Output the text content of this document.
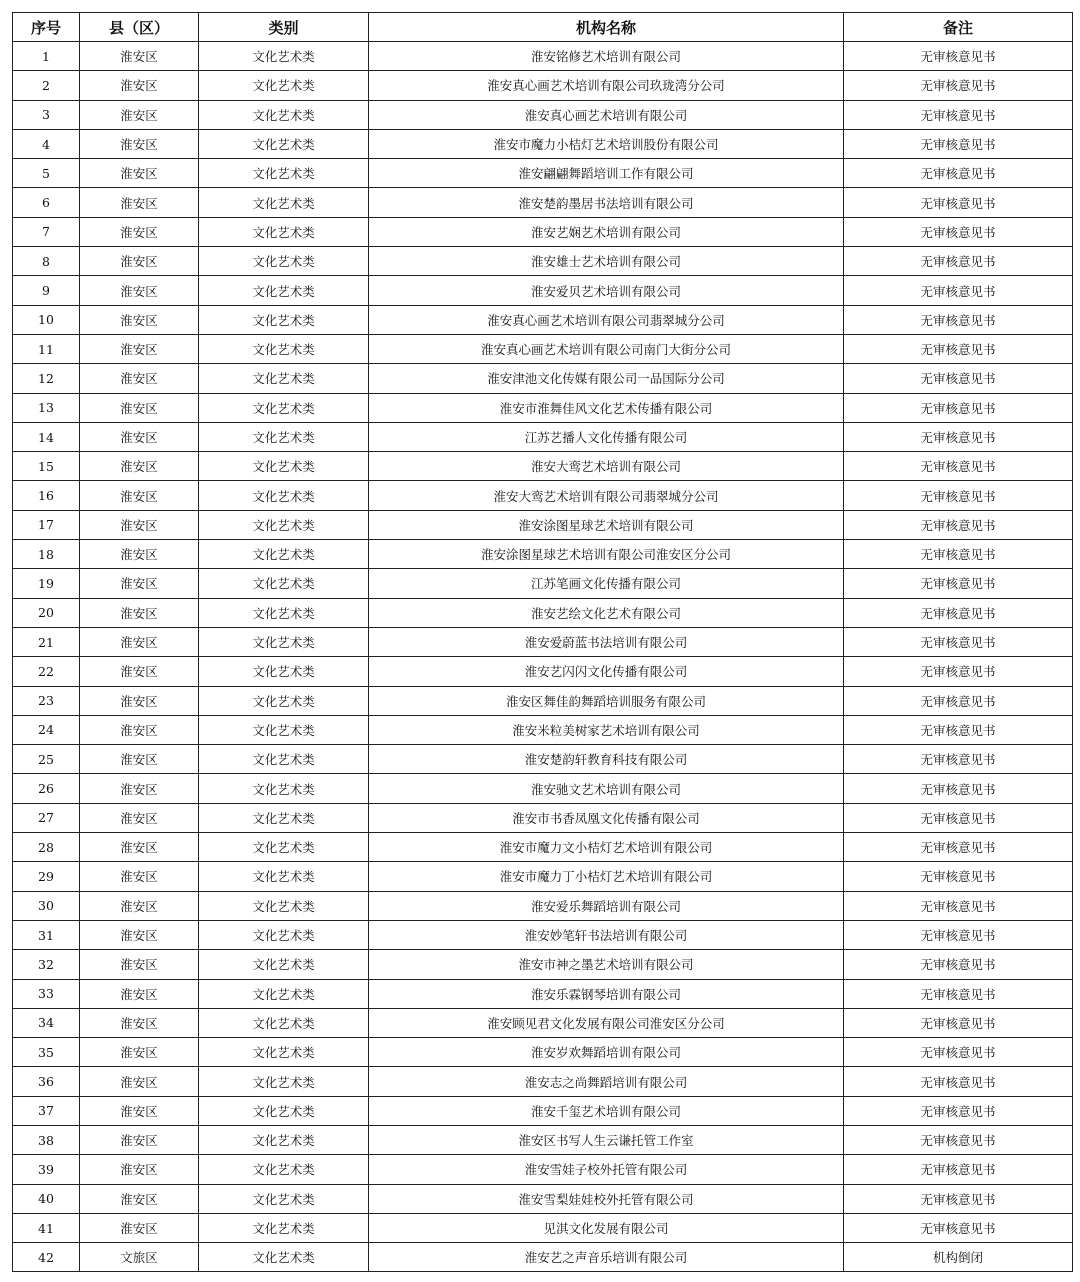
序号	县（区）	类别	机构名称	备注
1	淮安区	文化艺术类	淮安铭修艺术培训有限公司	无审核意见书
2	淮安区	文化艺术类	淮安真心画艺术培训有限公司玖珑湾分公司	无审核意见书
3	淮安区	文化艺术类	淮安真心画艺术培训有限公司	无审核意见书
4	淮安区	文化艺术类	淮安市魔力小桔灯艺术培训股份有限公司	无审核意见书
5	淮安区	文化艺术类	淮安翩翩舞蹈培训工作有限公司	无审核意见书
6	淮安区	文化艺术类	淮安楚韵墨居书法培训有限公司	无审核意见书
7	淮安区	文化艺术类	淮安艺娴艺术培训有限公司	无审核意见书
8	淮安区	文化艺术类	淮安雄士艺术培训有限公司	无审核意见书
9	淮安区	文化艺术类	淮安爱贝艺术培训有限公司	无审核意见书
10	淮安区	文化艺术类	淮安真心画艺术培训有限公司翡翠城分公司	无审核意见书
11	淮安区	文化艺术类	淮安真心画艺术培训有限公司南门大街分公司	无审核意见书
12	淮安区	文化艺术类	淮安津池文化传媒有限公司一品国际分公司	无审核意见书
13	淮安区	文化艺术类	淮安市淮舞佳风文化艺术传播有限公司	无审核意见书
14	淮安区	文化艺术类	江苏艺播人文化传播有限公司	无审核意见书
15	淮安区	文化艺术类	淮安大鸾艺术培训有限公司	无审核意见书
16	淮安区	文化艺术类	淮安大鸾艺术培训有限公司翡翠城分公司	无审核意见书
17	淮安区	文化艺术类	淮安涂图星球艺术培训有限公司	无审核意见书
18	淮安区	文化艺术类	淮安涂图星球艺术培训有限公司淮安区分公司	无审核意见书
19	淮安区	文化艺术类	江苏笔画文化传播有限公司	无审核意见书
20	淮安区	文化艺术类	淮安艺绘文化艺术有限公司	无审核意见书
21	淮安区	文化艺术类	淮安爱蔚蓝书法培训有限公司	无审核意见书
22	淮安区	文化艺术类	淮安艺闪闪文化传播有限公司	无审核意见书
23	淮安区	文化艺术类	淮安区舞佳韵舞蹈培训服务有限公司	无审核意见书
24	淮安区	文化艺术类	淮安米粒美树家艺术培训有限公司	无审核意见书
25	淮安区	文化艺术类	淮安楚韵轩教育科技有限公司	无审核意见书
26	淮安区	文化艺术类	淮安驰文艺术培训有限公司	无审核意见书
27	淮安区	文化艺术类	淮安市书香凤凰文化传播有限公司	无审核意见书
28	淮安区	文化艺术类	淮安市魔力文小桔灯艺术培训有限公司	无审核意见书
29	淮安区	文化艺术类	淮安市魔力丁小桔灯艺术培训有限公司	无审核意见书
30	淮安区	文化艺术类	淮安爱乐舞蹈培训有限公司	无审核意见书
31	淮安区	文化艺术类	淮安妙笔轩书法培训有限公司	无审核意见书
32	淮安区	文化艺术类	淮安市神之墨艺术培训有限公司	无审核意见书
33	淮安区	文化艺术类	淮安乐霖钢琴培训有限公司	无审核意见书
34	淮安区	文化艺术类	淮安顾见君文化发展有限公司淮安区分公司	无审核意见书
35	淮安区	文化艺术类	淮安岁欢舞蹈培训有限公司	无审核意见书
36	淮安区	文化艺术类	淮安志之尚舞蹈培训有限公司	无审核意见书
37	淮安区	文化艺术类	淮安千玺艺术培训有限公司	无审核意见书
38	淮安区	文化艺术类	淮安区书写人生云谦托管工作室	无审核意见书
39	淮安区	文化艺术类	淮安雪娃子校外托管有限公司	无审核意见书
40	淮安区	文化艺术类	淮安雪梨娃娃校外托管有限公司	无审核意见书
41	淮安区	文化艺术类	见淇文化发展有限公司	无审核意见书
42	文旅区	文化艺术类	淮安艺之声音乐培训有限公司	机构倒闭
